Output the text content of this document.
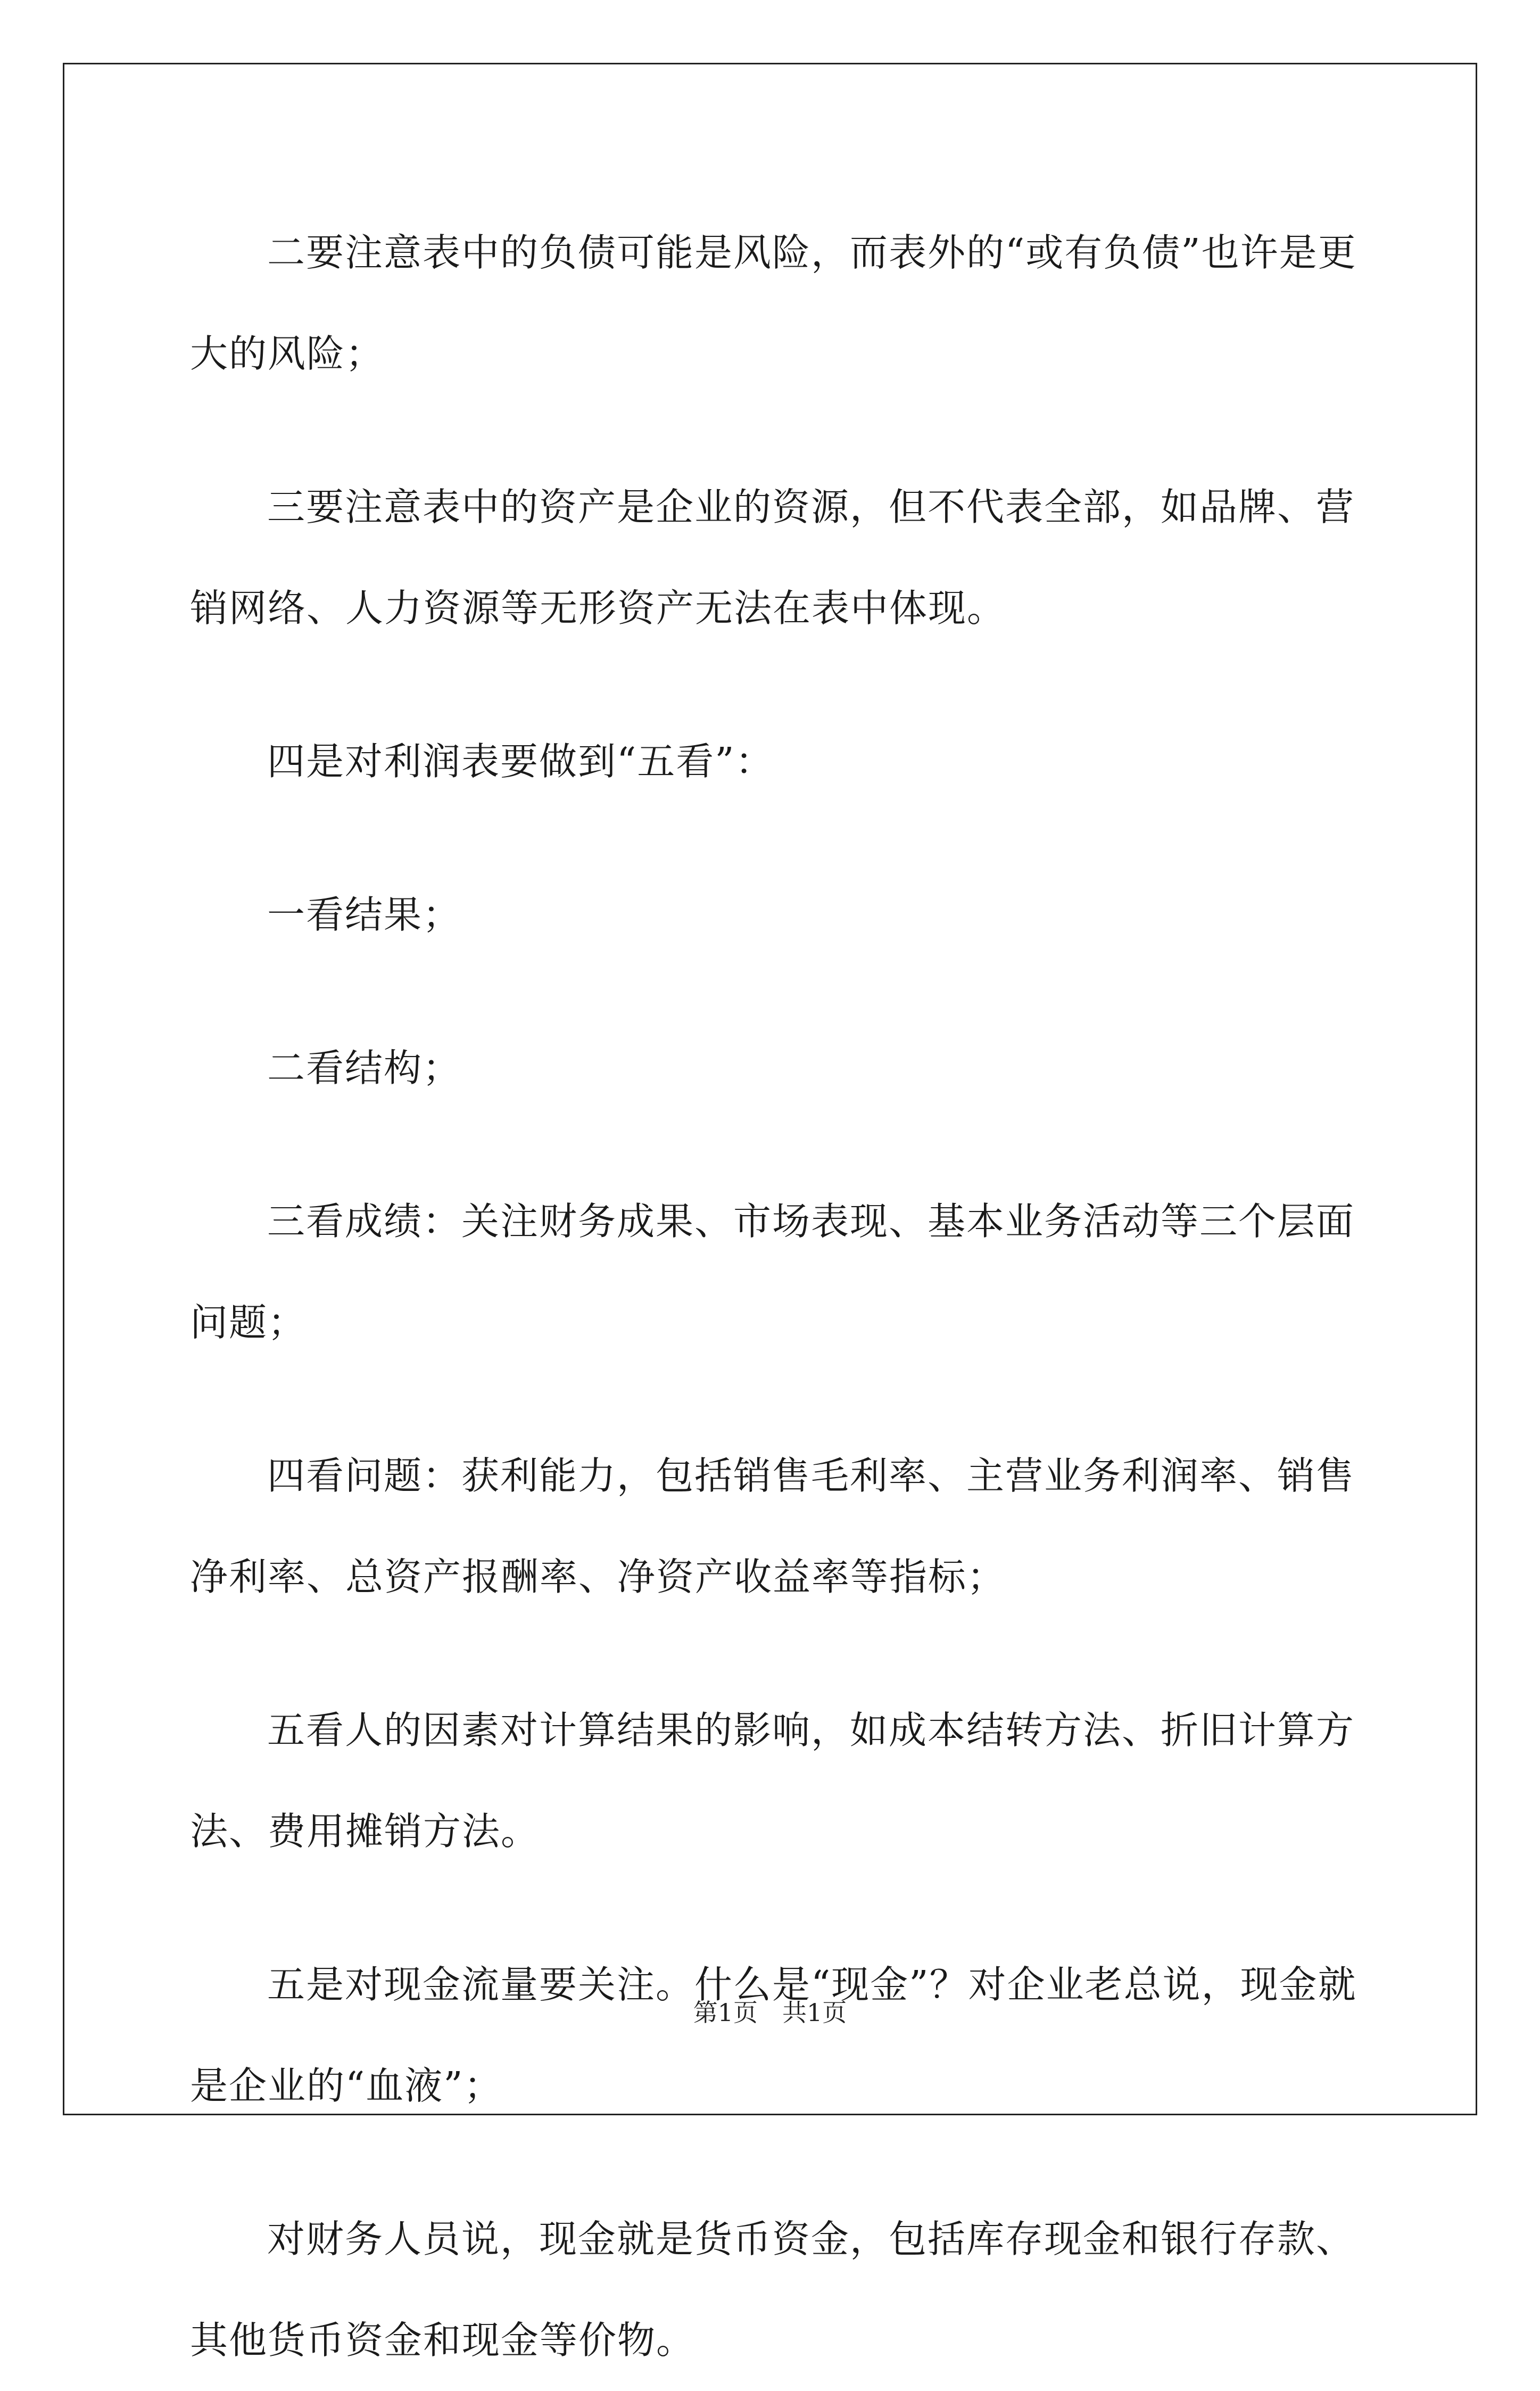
二要注意表中的负债可能是风险，而表外的“或有负债”也许是更大的风险；

三要注意表中的资产是企业的资源，但不代表全部，如品牌、营销网络、人力资源等无形资产无法在表中体现。

四是对利润表要做到“五看”：

一看结果；

二看结构；

三看成绩：关注财务成果、市场表现、基本业务活动等三个层面问题；

四看问题：获利能力，包括销售毛利率、主营业务利润率、销售净利率、总资产报酬率、净资产收益率等指标；

五看人的因素对计算结果的影响，如成本结转方法、折旧计算方法、费用摊销方法。

五是对现金流量要关注。什么是“现金”？对企业老总说，现金就是企业的“血液”；

对财务人员说，现金就是货币资金，包括库存现金和银行存款、其他货币资金和现金等价物。

第1页　共1页
